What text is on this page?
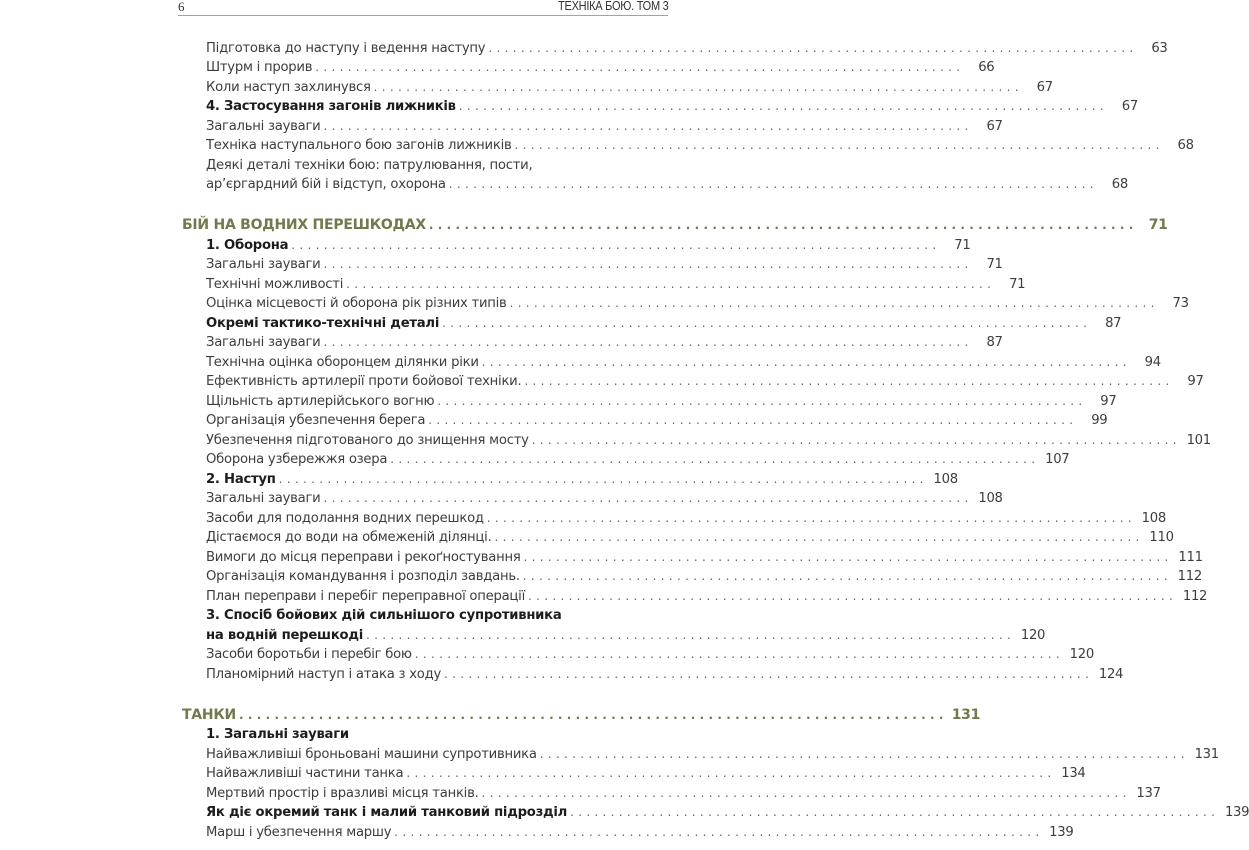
6	ТЕХНІКА БОЮ. ТОМ 3
Підготовка до наступу і ведення наступу ................................................................................	63
Штурм і прорив ................................................................................	66
Коли наступ захлинувся ................................................................................	67
4. Застосування загонів лижників ................................................................................	67
Загальні зауваги ................................................................................	67
Техніка наступального бою загонів лижників ................................................................................	68
Деякі деталі техніки бою: патрулювання, пости,
ар’єргардний бій і відступ, охорона ................................................................................	68
БІЙ НА ВОДНИХ ПЕРЕШКОДАХ ................................................................................ 71
1. Оборона ................................................................................	71
Загальні зауваги ................................................................................	71
Технічні можливості ................................................................................	71
Оцінка місцевості й оборона рік різних типів ................................................................................	73
Окремі тактико-технічні деталі ................................................................................	87
Загальні зауваги ................................................................................	87
Технічна оцінка оборонцем ділянки ріки ................................................................................	94
Ефективність артилерії проти бойової техніки. ................................................................................	97
Щільність артилерійського вогню ................................................................................	97
Організація убезпечення берега ................................................................................	99
Убезпечення підготованого до знищення мосту ................................................................................ 101
Оборона узбережжя озера ................................................................................ 107
2. Наступ ................................................................................ 108
Загальні зауваги ................................................................................ 108
Засоби для подолання водних перешкод ................................................................................ 108
Дістаємося до води на обмеженій ділянці. ................................................................................ 110
Вимоги до місця переправи і рекоґностування ................................................................................ 111
Організація командування і розподіл завдань. ................................................................................ 112
План переправи і перебіг переправної операції ................................................................................ 112
3. Спосіб бойових дій сильнішого супротивника
на водній перешкоді ................................................................................ 120
Засоби боротьби і перебіг бою ................................................................................ 120
Планомірний наступ і атака з ходу ................................................................................ 124
ТАНКИ ................................................................................ 131
1. Загальні зауваги
Найважливіші броньовані машини супротивника ................................................................................ 131
Найважливіші частини танка ................................................................................ 134
Мертвий простір і вразливі місця танків. ................................................................................ 137
Як діє окремий танк і малий танковий підрозділ ................................................................................ 139
Марш і убезпечення маршу ................................................................................ 139
